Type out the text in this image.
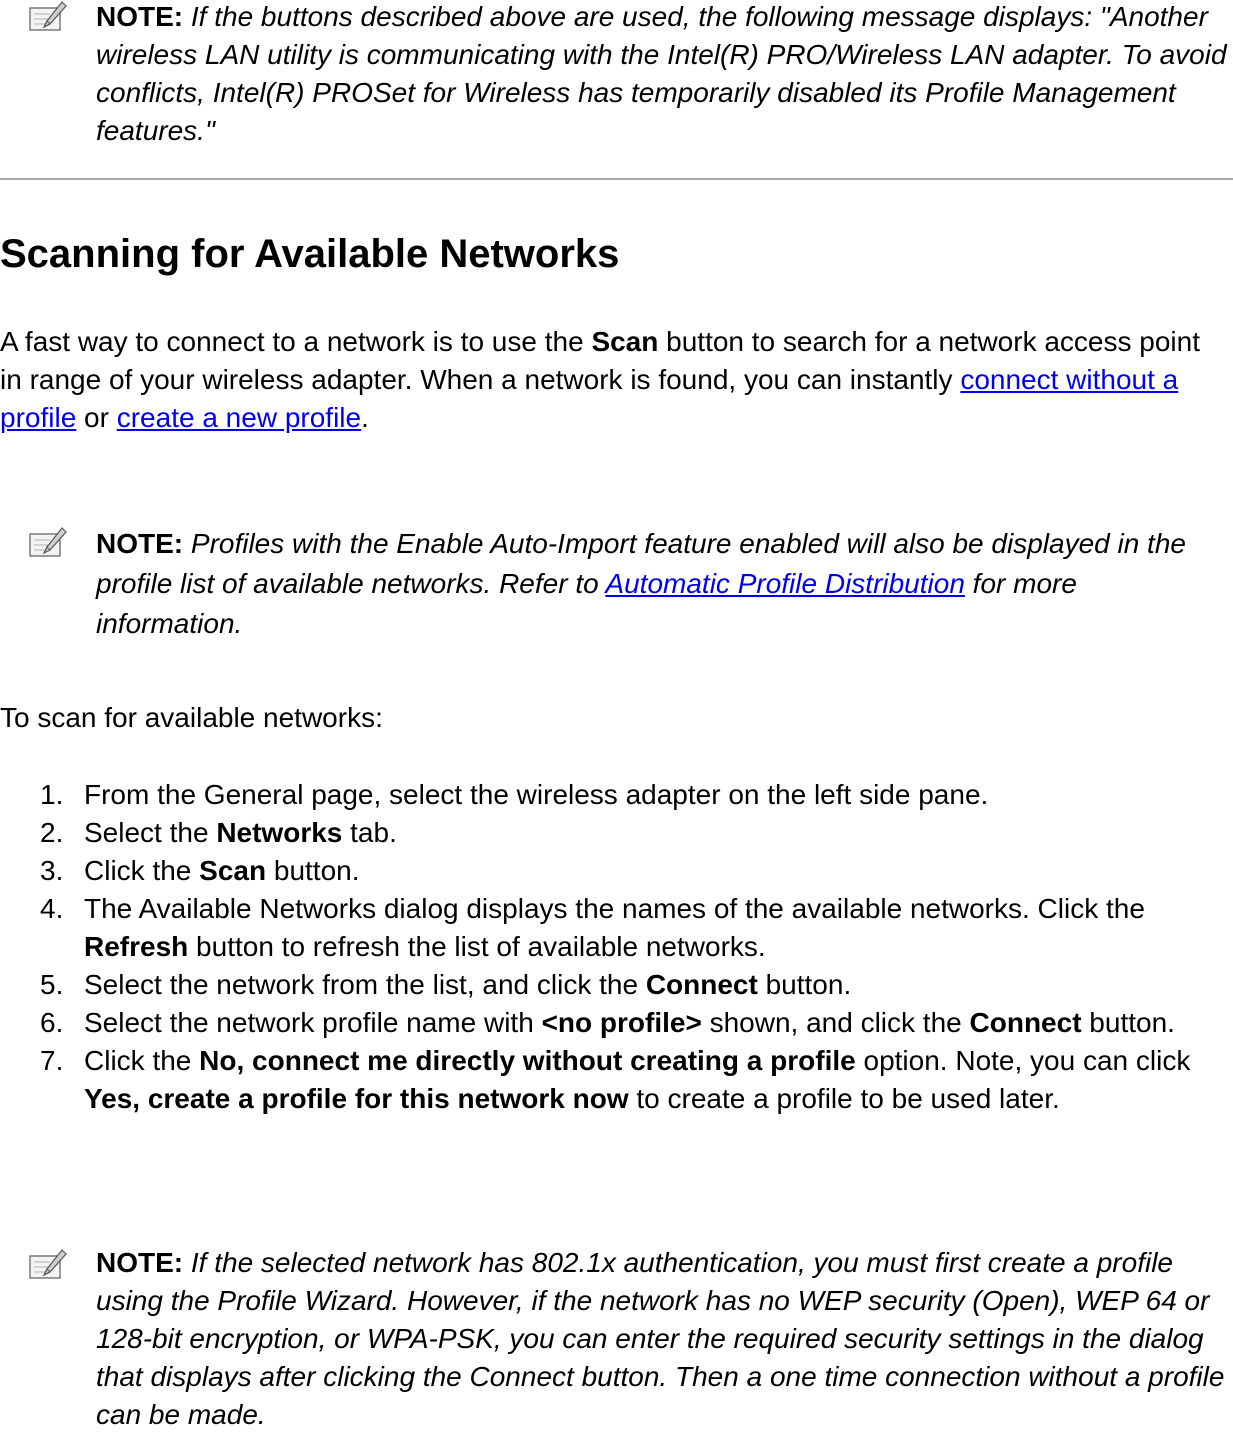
NOTE: If the buttons described above are used, the following message displays: "Another wireless LAN utility is communicating with the Intel(R) PRO/Wireless LAN adapter. To avoid conflicts, Intel(R) PROSet for Wireless has temporarily disabled its Profile Management features."
Scanning for Available Networks

A fast way to connect to a network is to use the Scan button to search for a network access point in range of your wireless adapter. When a network is found, you can instantly connect without a profile or create a new profile.

NOTE: Profiles with the Enable Auto-Import feature enabled will also be displayed in the profile list of available networks. Refer to Automatic Profile Distribution for more information.

To scan for available networks:

1. From the General page, select the wireless adapter on the left side pane.
2. Select the Networks tab.
3. Click the Scan button.
4. The Available Networks dialog displays the names of the available networks. Click the Refresh button to refresh the list of available networks.
5. Select the network from the list, and click the Connect button.
6. Select the network profile name with <no profile> shown, and click the Connect button.
7. Click the No, connect me directly without creating a profile option. Note, you can click Yes, create a profile for this network now to create a profile to be used later.
NOTE: If the selected network has 802.1x authentication, you must first create a profile using the Profile Wizard. However, if the network has no WEP security (Open), WEP 64 or 128-bit encryption, or WPA-PSK, you can enter the required security settings in the dialog that displays after clicking the Connect button. Then a one time connection without a profile can be made.
